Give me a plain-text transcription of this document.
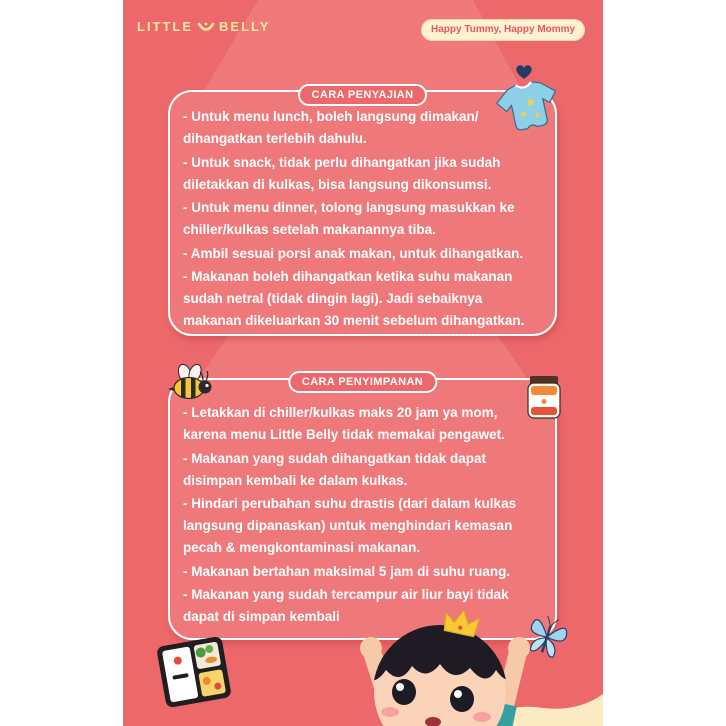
LITTLE BELLY	Happy Tummy, Happy Mommy
CARA PENYAJIAN
- Untuk menu lunch, boleh langsung dimakan/
dihangatkan terlebih dahulu.
- Untuk snack, tidak perlu dihangatkan jika sudah
diletakkan di kulkas, bisa langsung dikonsumsi.
- Untuk menu dinner, tolong langsung masukkan ke
chiller/kulkas setelah makanannya tiba.
- Ambil sesuai porsi anak makan, untuk dihangatkan.
- Makanan boleh dihangatkan ketika suhu makanan
sudah netral (tidak dingin lagi). Jadi sebaiknya
makanan dikeluarkan 30 menit sebelum dihangatkan.
CARA PENYIMPANAN
- Letakkan di chiller/kulkas maks 20 jam ya mom,
karena menu Little Belly tidak memakai pengawet.
- Makanan yang sudah dihangatkan tidak dapat
disimpan kembali ke dalam kulkas.
- Hindari perubahan suhu drastis (dari dalam kulkas
langsung dipanaskan) untuk menghindari kemasan
pecah & mengkontaminasi makanan.
- Makanan bertahan maksimal 5 jam di suhu ruang.
- Makanan yang sudah tercampur air liur bayi tidak
dapat di simpan kembali
